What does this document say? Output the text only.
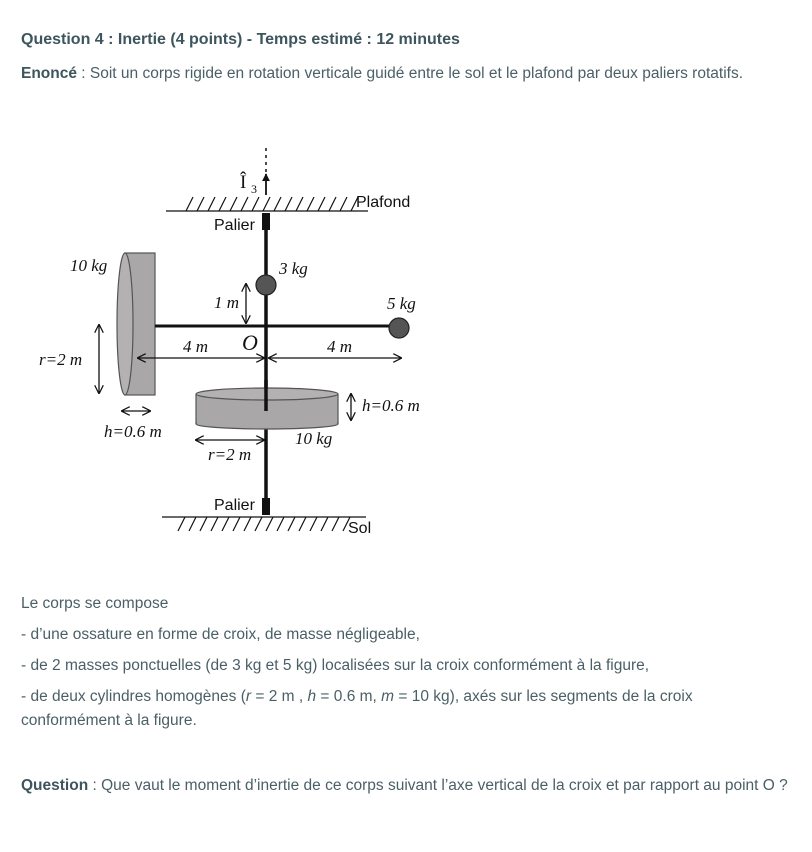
Question 4 : Inertie (4 points) - Temps estimé : 12 minutes

Enoncé : Soit un corps rigide en rotation verticale guidé entre le sol et le plafond par deux paliers rotatifs.

Î 3
Plafond
Palier
10 kg
r=2 m
h=0.6 m
1 m
3 kg
5 kg
O
4 m	4 m
h=0.6 m
r=2 m
10 kg
Palier
Sol

Le corps se compose

- d’une ossature en forme de croix, de masse négligeable,

- de 2 masses ponctuelles (de 3 kg et 5 kg) localisées sur la croix conformément à la figure,

- de deux cylindres homogènes (r = 2 m , h = 0.6 m, m = 10 kg), axés sur les segments de la croix conformément à la figure.

Question : Que vaut le moment d’inertie de ce corps suivant l’axe vertical de la croix et par rapport au point O ?
